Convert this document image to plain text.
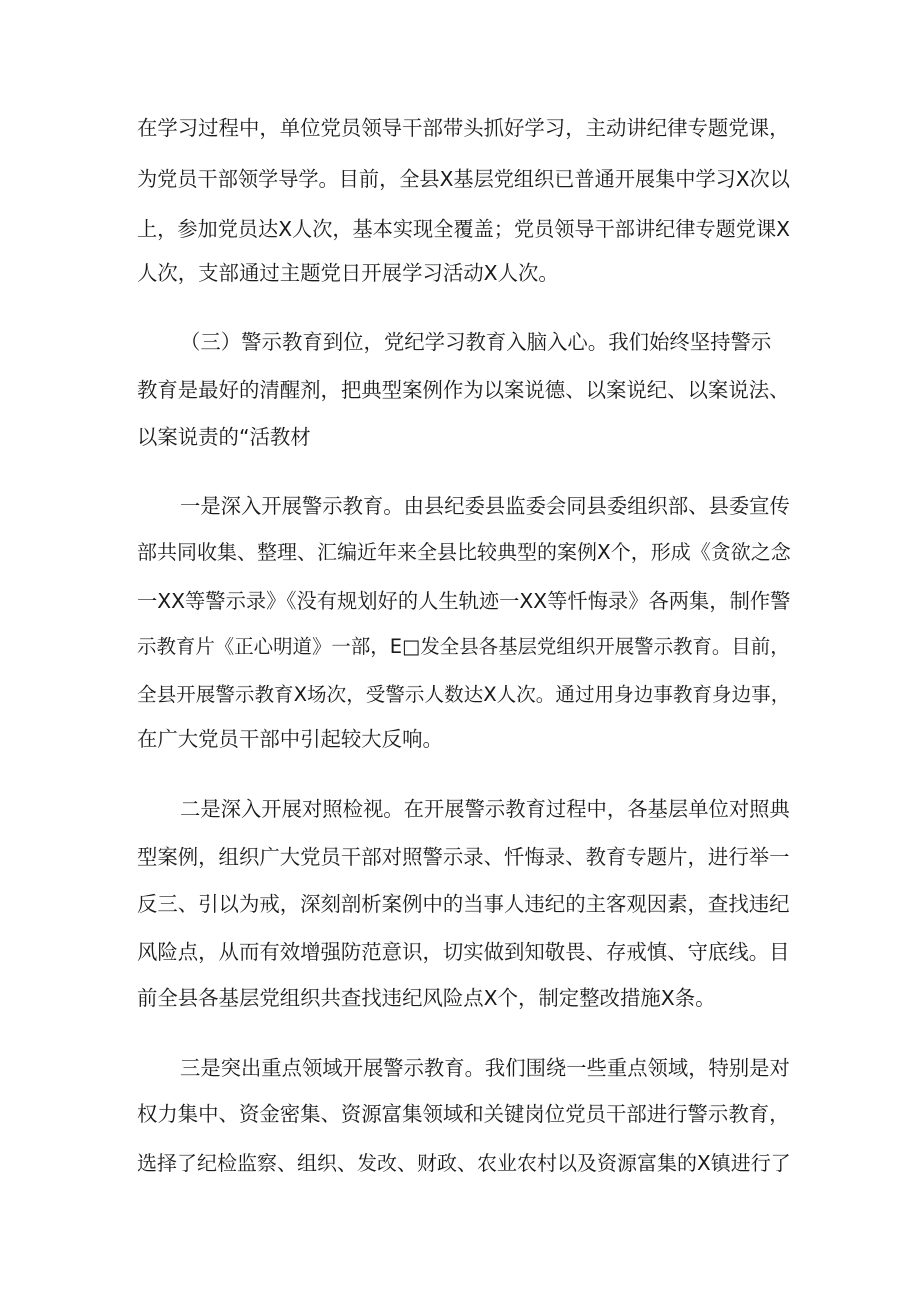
在学习过程中，单位党员领导干部带头抓好学习，主动讲纪律专题党课，

为党员干部领学导学。目前，全县X基层党组织已普通开展集中学习X次以

上，参加党员达X人次，基本实现全覆盖；党员领导干部讲纪律专题党课X

人次，支部通过主题党日开展学习活动X人次。

（三）警示教育到位，党纪学习教育入脑入心。我们始终坚持警示

教育是最好的清醒剂，把典型案例作为以案说德、以案说纪、以案说法、

以案说责的“活教材

一是深入开展警示教育。由县纪委县监委会同县委组织部、县委宣传

部共同收集、整理、汇编近年来全县比较典型的案例X个，形成《贪欲之念

一XX等警示录》《没有规划好的人生轨迹一XX等忏悔录》各两集，制作警

示教育片《正心明道》一部，E□发全县各基层党组织开展警示教育。目前，

全县开展警示教育X场次，受警示人数达X人次。通过用身边事教育身边事，

在广大党员干部中引起较大反响。

二是深入开展对照检视。在开展警示教育过程中，各基层单位对照典

型案例，组织广大党员干部对照警示录、忏悔录、教育专题片，进行举一

反三、引以为戒，深刻剖析案例中的当事人违纪的主客观因素，查找违纪

风险点，从而有效增强防范意识，切实做到知敬畏、存戒慎、守底线。目

前全县各基层党组织共查找违纪风险点X个，制定整改措施X条。

三是突出重点领域开展警示教育。我们围绕一些重点领域，特别是对

权力集中、资金密集、资源富集领域和关键岗位党员干部进行警示教育，

选择了纪检监察、组织、发改、财政、农业农村以及资源富集的X镇进行了
